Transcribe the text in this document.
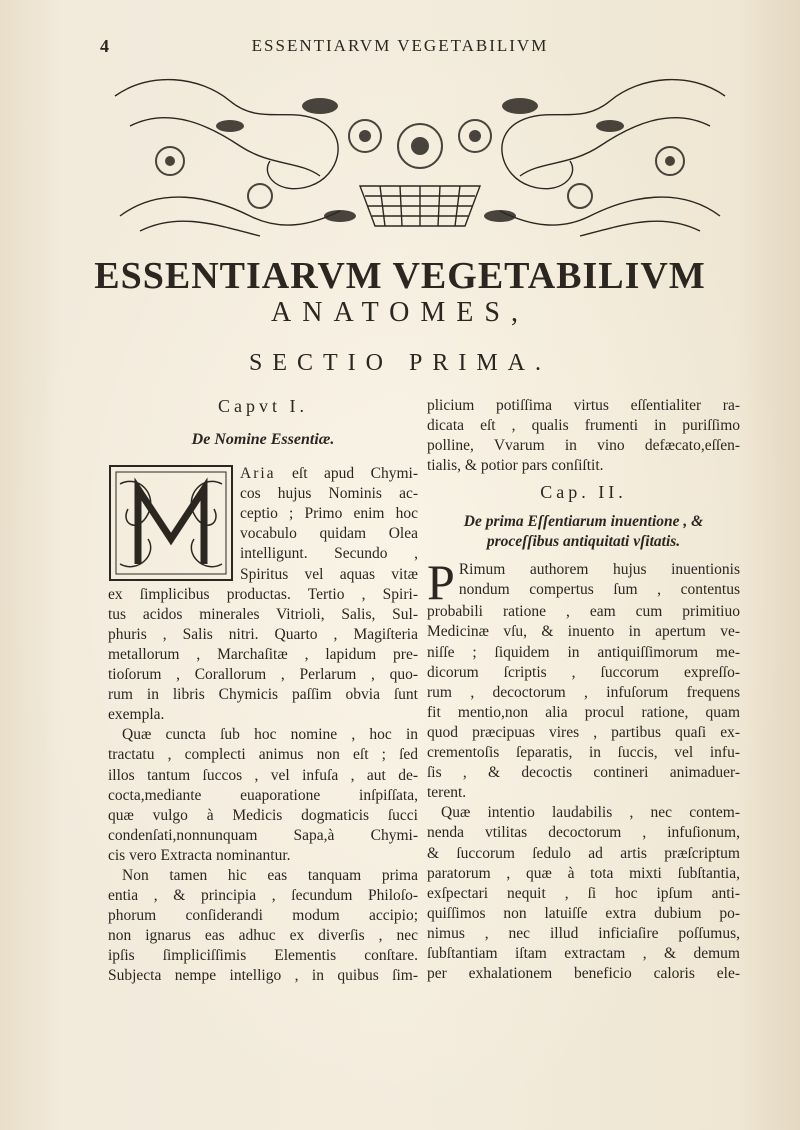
4	ESSENTIARVM VEGETABILIVM
ESSENTIARVM VEGETABILIVM
ANATOMES,
SECTIO PRIMA.
Capvt I.
De Nomine Essentiæ.
Aria eſt apud Chymi-
cos hujus Nominis ac-
ceptio ; Primo enim hoc
vocabulo quidam Olea
intelligunt. Secundo ,
Spiritus vel aquas vitæ
ex ſimplicibus productas. Tertio , Spiri-
tus acidos minerales Vitrioli, Salis, Sul-
phuris , Salis nitri. Quarto , Magiſteria
metallorum , Marchaſitæ , lapidum pre-
tioſorum , Corallorum , Perlarum , quo-
rum in libris Chymicis paſſim obvia ſunt
exempla.
Quæ cuncta ſub hoc nomine , hoc in
tractatu , complecti animus non eſt ; ſed
illos tantum ſuccos , vel infuſa , aut de-
cocta,mediante euaporatione inſpiſſata,
quæ vulgo à Medicis dogmaticis ſucci
condenſati,nonnunquam Sapa,à Chymi-
cis vero Extracta nominantur.
Non tamen hic eas tanquam prima
entia , & principia , ſecundum Philoſo-
phorum conſiderandi modum accipio;
non ignarus eas adhuc ex diverſis , nec
ipſis ſimpliciſſimis Elementis conſtare.
Subjecta nempe intelligo , in quibus ſim-
plicium potiſſima virtus eſſentialiter ra-
dicata eſt , qualis frumenti in puriſſimo
polline, Vvarum in vino defæcato,eſſen-
tialis, & potior pars conſiſtit.
Cap. II.
De prima Eſſentiarum inuentione , &
proceſſibus antiquitati vſitatis.
P Rimum authorem hujus inuentionis
nondum compertus ſum , contentus
probabili ratione , eam cum primitiuo
Medicinæ vſu, & inuento in apertum ve-
niſſe ; ſiquidem in antiquiſſimorum me-
dicorum ſcriptis , ſuccorum expreſſo-
rum , decoctorum , infuſorum frequens
fit mentio,non alia procul ratione, quam
quod præcipuas vires , partibus quaſi ex-
crementoſis ſeparatis, in ſuccis, vel infu-
ſis , & decoctis contineri animaduer-
terent.
Quæ intentio laudabilis , nec contem-
nenda vtilitas decoctorum , infuſionum,
& ſuccorum ſedulo ad artis præſcriptum
paratorum , quæ à tota mixti ſubſtantia,
exſpectari nequit , ſi hoc ipſum anti-
quiſſimos non latuiſſe extra dubium po-
nimus , nec illud inficiaſire poſſumus,
ſubſtantiam iſtam extractam , & demum
per exhalationem beneficio caloris ele-
